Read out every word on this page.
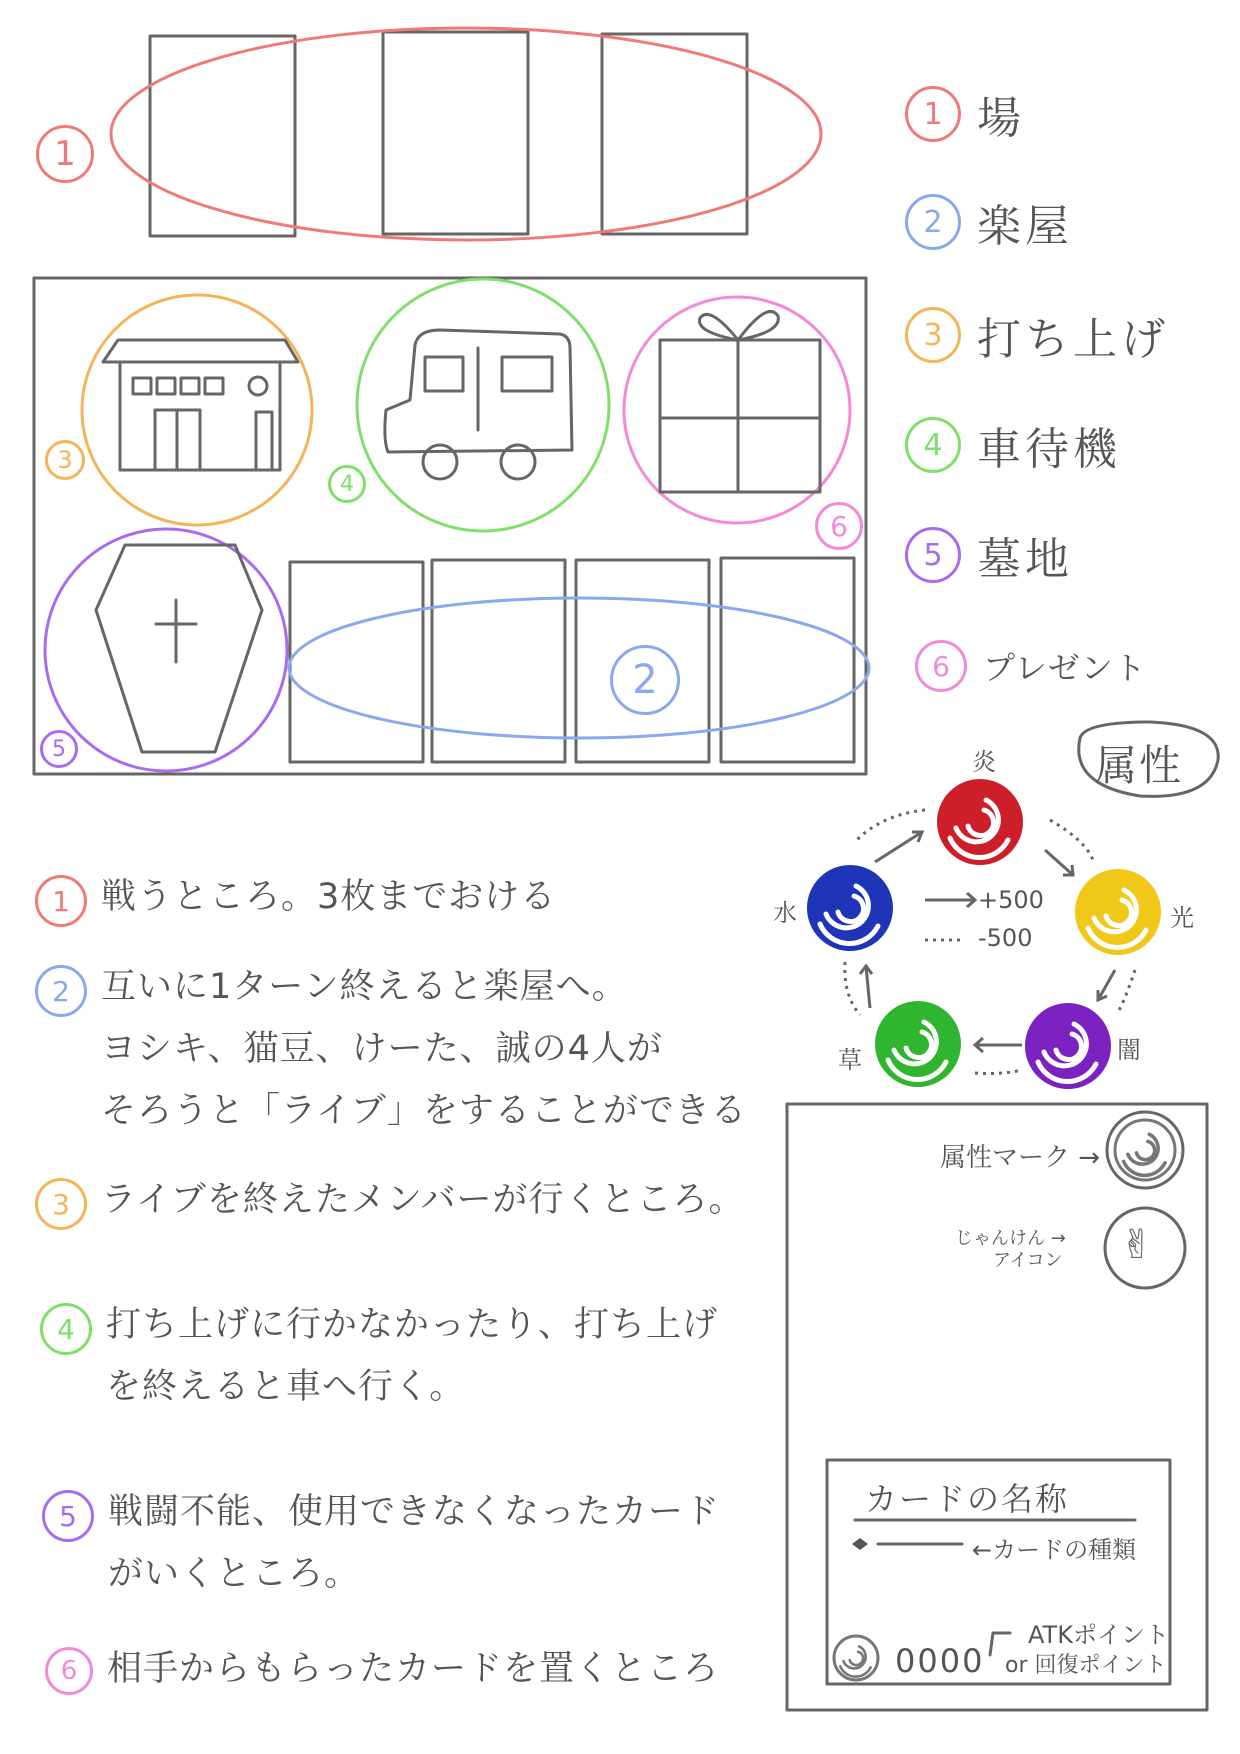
1
2
3
4
5
6
1 場
2 楽屋
3 打ち上げ
4 車待機
5 墓地
6 プレゼント
属性
炎
光
闇
草
水	+500
-500
1 戦うところ。3枚までおける
2 互いに1ターン終えると楽屋へ。
ヨシキ、猫豆、けーた、誠の4人が
そろうと「ライブ」をすることができる
3 ライブを終えたメンバーが行くところ。
4 打ち上げに行かなかったり、打ち上げ
を終えると車へ行く。
5 戦闘不能、使用できなくなったカード
がいくところ。
6 相手からもらったカードを置くところ
属性マーク →
じゃんけん →
アイコン ✌
カードの名称
←カードの種類
0000
ATKポイント
or 回復ポイント
